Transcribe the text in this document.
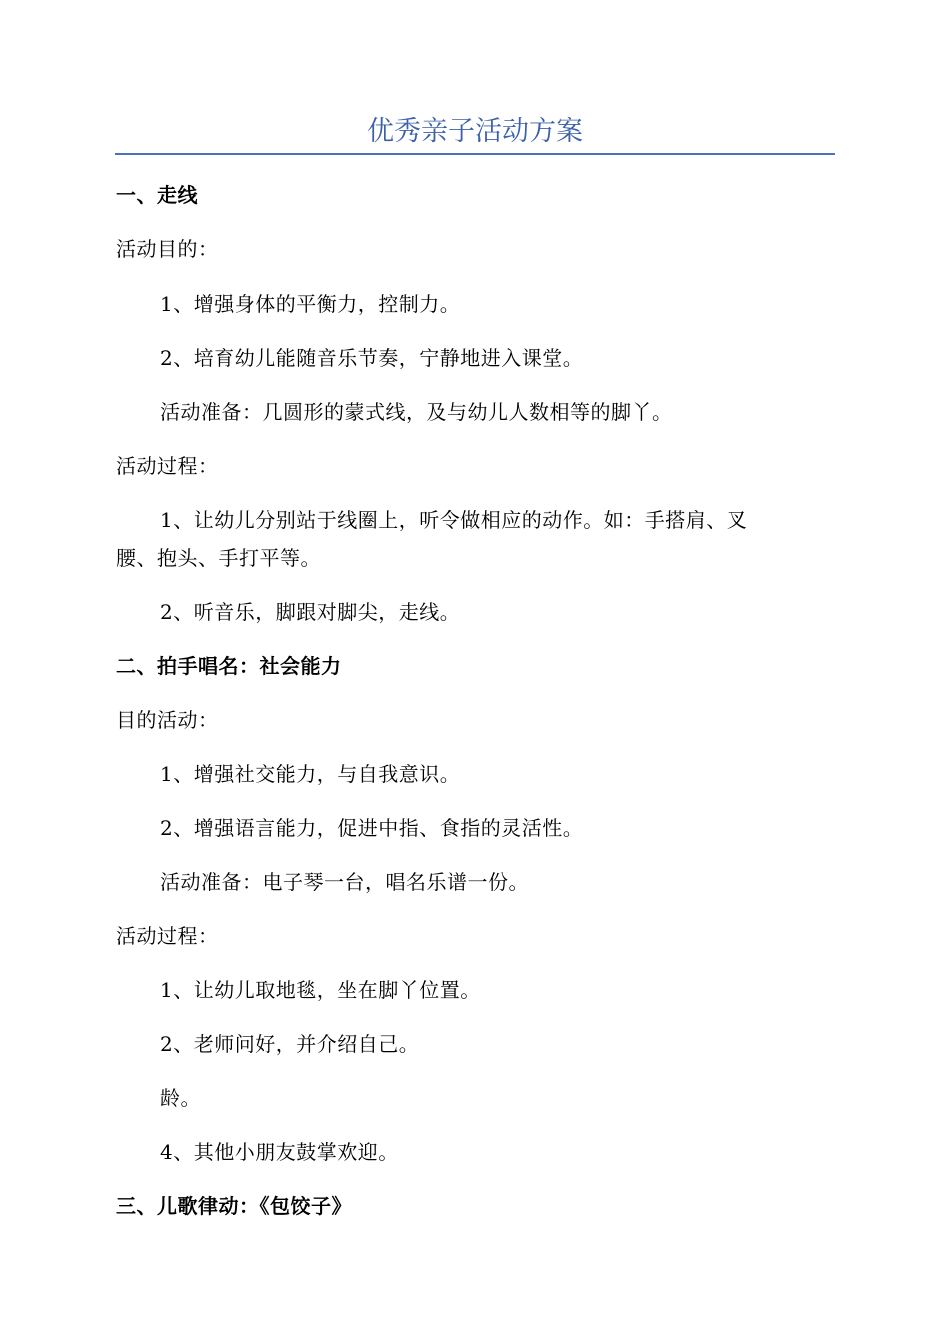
优秀亲子活动方案
一、走线
活动目的：
1、增强身体的平衡力，控制力。
2、培育幼儿能随音乐节奏，宁静地进入课堂。
活动准备：几圆形的蒙式线，及与幼儿人数相等的脚丫。
活动过程：
1、让幼儿分别站于线圈上，听令做相应的动作。如：手搭肩、叉
腰、抱头、手打平等。
2、听音乐，脚跟对脚尖，走线。
二、拍手唱名：社会能力
目的活动：
1、增强社交能力，与自我意识。
2、增强语言能力，促进中指、食指的灵活性。
活动准备：电子琴一台，唱名乐谱一份。
活动过程：
1、让幼儿取地毯，坐在脚丫位置。
2、老师问好，并介绍自己。
龄。
4、其他小朋友鼓掌欢迎。
三、儿歌律动：《包饺子》
